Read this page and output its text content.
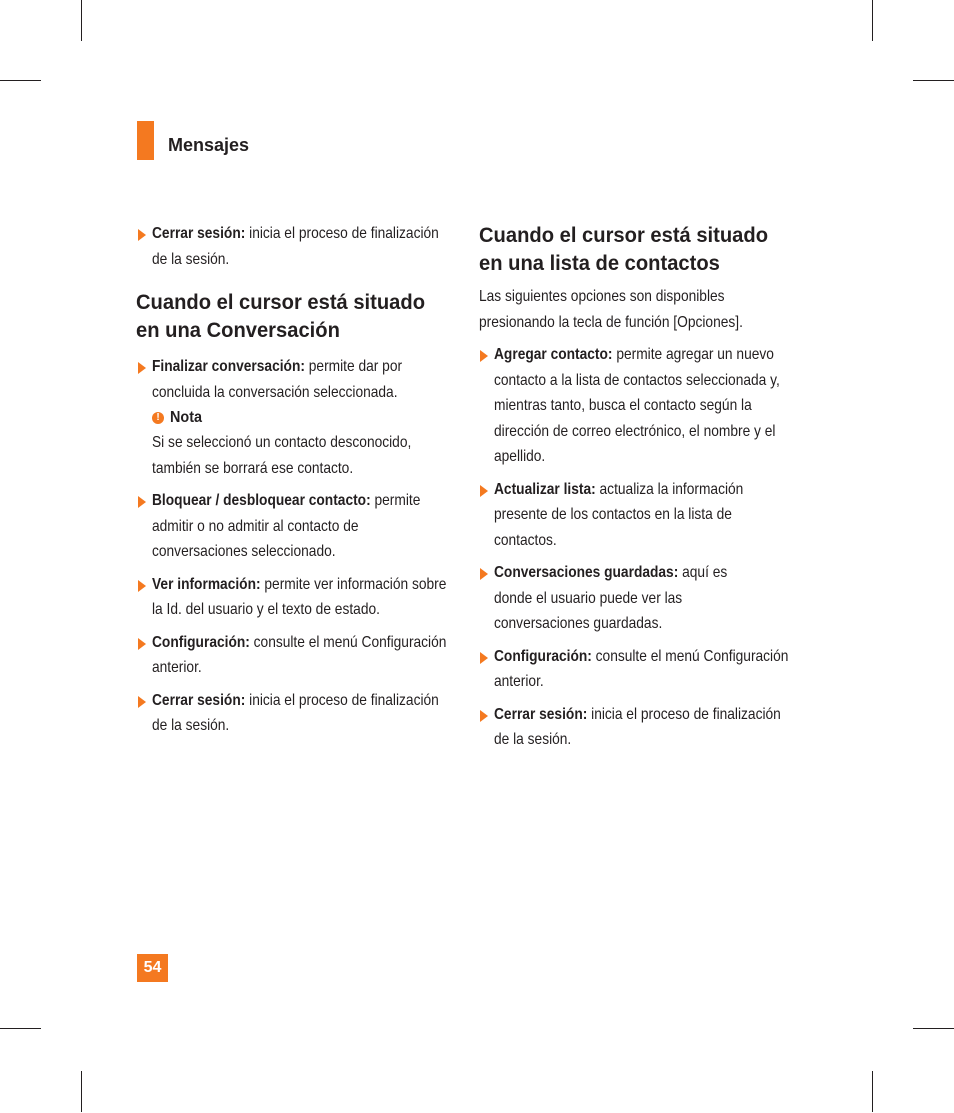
Mensajes
Cerrar sesión: inicia el proceso de finalización de la sesión.
Cuando el cursor está situado en una Conversación
Finalizar conversación: permite dar por concluida la conversación seleccionada.
! Nota
Si se seleccionó un contacto desconocido, también se borrará ese contacto.
Bloquear / desbloquear contacto: permite admitir o no admitir al contacto de conversaciones seleccionado.
Ver información: permite ver información sobre la Id. del usuario y el texto de estado.
Configuración: consulte el menú Configuración anterior.
Cerrar sesión: inicia el proceso de finalización de la sesión.
Cuando el cursor está situado en una lista de contactos

Las siguientes opciones son disponibles presionando la tecla de función [Opciones].

Agregar contacto: permite agregar un nuevo contacto a la lista de contactos seleccionada y, mientras tanto, busca el contacto según la dirección de correo electrónico, el nombre y el apellido.
Actualizar lista: actualiza la información presente de los contactos en la lista de contactos.
Conversaciones guardadas: aquí es donde el usuario puede ver las conversaciones guardadas.
Configuración: consulte el menú Configuración anterior.
Cerrar sesión: inicia el proceso de finalización de la sesión.
54
